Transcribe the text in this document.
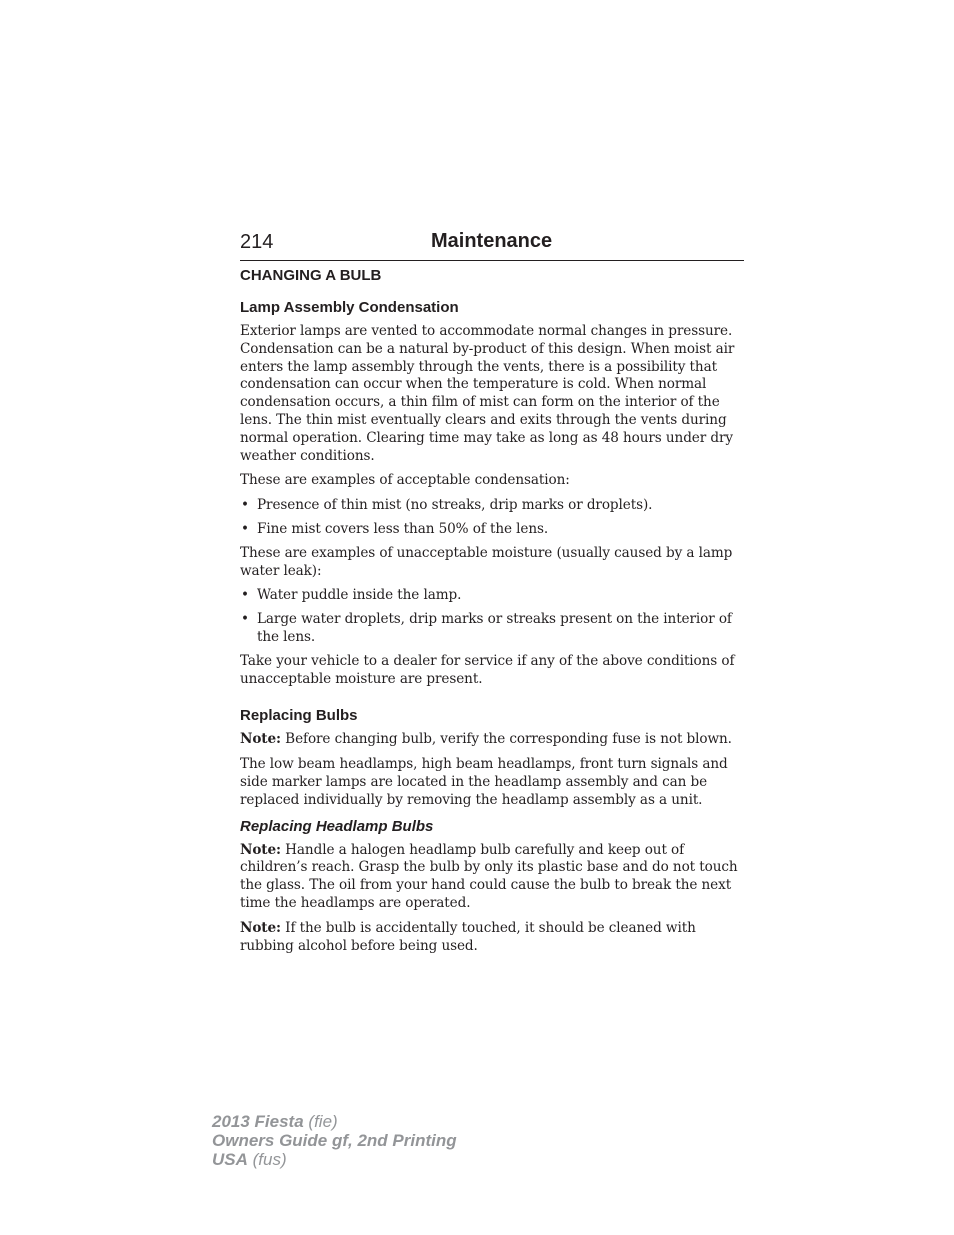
214	Maintenance
CHANGING A BULB
Lamp Assembly Condensation

Exterior lamps are vented to accommodate normal changes in pressure. Condensation can be a natural by-product of this design. When moist air enters the lamp assembly through the vents, there is a possibility that condensation can occur when the temperature is cold. When normal condensation occurs, a thin film of mist can form on the interior of the lens. The thin mist eventually clears and exits through the vents during normal operation. Clearing time may take as long as 48 hours under dry weather conditions.

These are examples of acceptable condensation:

• Presence of thin mist (no streaks, drip marks or droplets).
• Fine mist covers less than 50% of the lens.

These are examples of unacceptable moisture (usually caused by a lamp water leak):

• Water puddle inside the lamp.
• Large water droplets, drip marks or streaks present on the interior of the lens.

Take your vehicle to a dealer for service if any of the above conditions of unacceptable moisture are present.

Replacing Bulbs

Note: Before changing bulb, verify the corresponding fuse is not blown.

The low beam headlamps, high beam headlamps, front turn signals and side marker lamps are located in the headlamp assembly and can be replaced individually by removing the headlamp assembly as a unit.

Replacing Headlamp Bulbs

Note: Handle a halogen headlamp bulb carefully and keep out of children’s reach. Grasp the bulb by only its plastic base and do not touch the glass. The oil from your hand could cause the bulb to break the next time the headlamps are operated.

Note: If the bulb is accidentally touched, it should be cleaned with rubbing alcohol before being used.

2013 Fiesta (fie)
Owners Guide gf, 2nd Printing
USA (fus)
